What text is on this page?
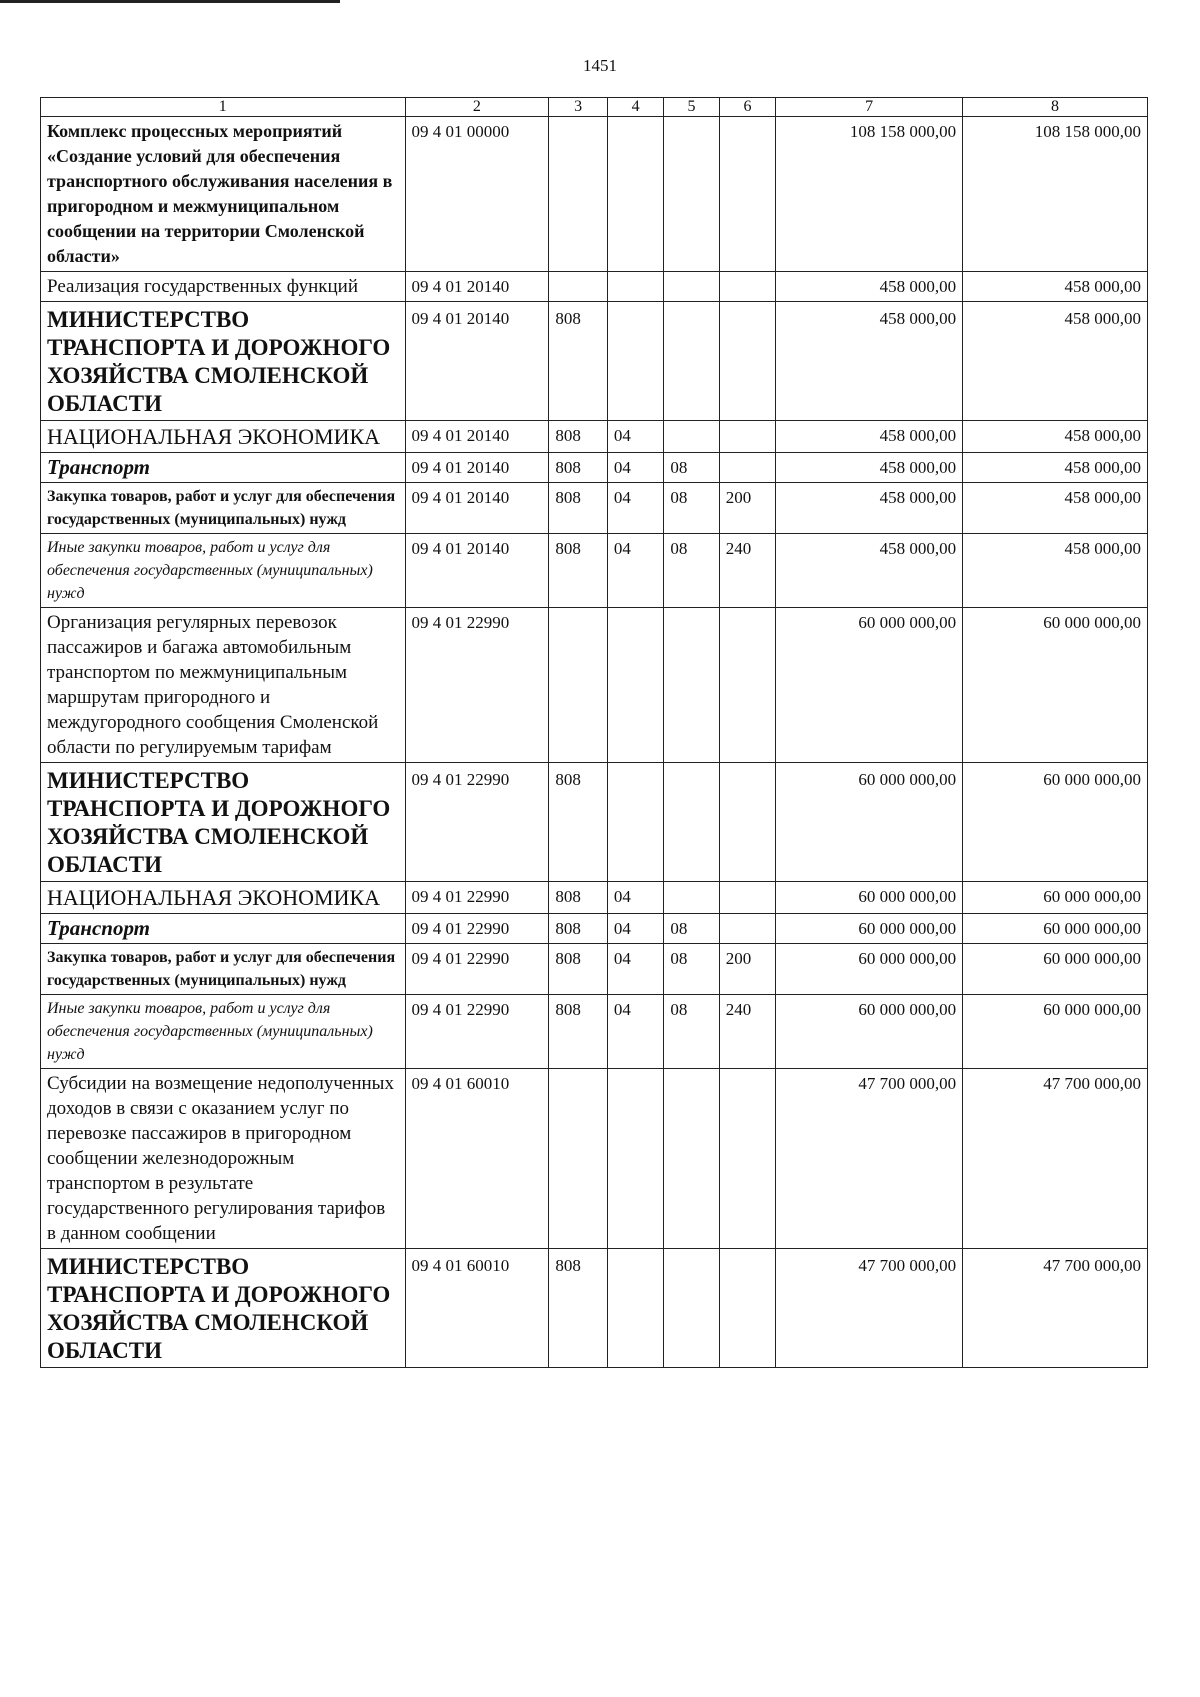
1451
1	2	3	4	5	6	7	8
Комплекс процессных мероприятий «Создание условий для обеспечения транспортного обслуживания населения в пригородном и межмуниципальном сообщении на территории Смоленской области»	09 4 01 00000					108 158 000,00	108 158 000,00
Реализация государственных функций	09 4 01 20140					458 000,00	458 000,00
МИНИСТЕРСТВО ТРАНСПОРТА И ДОРОЖНОГО ХОЗЯЙСТВА СМОЛЕНСКОЙ ОБЛАСТИ	09 4 01 20140	808				458 000,00	458 000,00
НАЦИОНАЛЬНАЯ ЭКОНОМИКА	09 4 01 20140	808	04			458 000,00	458 000,00
Транспорт	09 4 01 20140	808	04	08		458 000,00	458 000,00
Закупка товаров, работ и услуг для обеспечения государственных (муниципальных) нужд	09 4 01 20140	808	04	08	200	458 000,00	458 000,00
Иные закупки товаров, работ и услуг для обеспечения государственных (муниципальных) нужд	09 4 01 20140	808	04	08	240	458 000,00	458 000,00
Организация регулярных перевозок пассажиров и багажа автомобильным транспортом по межмуниципальным маршрутам пригородного и междугородного сообщения Смоленской области по регулируемым тарифам	09 4 01 22990					60 000 000,00	60 000 000,00
МИНИСТЕРСТВО ТРАНСПОРТА И ДОРОЖНОГО ХОЗЯЙСТВА СМОЛЕНСКОЙ ОБЛАСТИ	09 4 01 22990	808				60 000 000,00	60 000 000,00
НАЦИОНАЛЬНАЯ ЭКОНОМИКА	09 4 01 22990	808	04			60 000 000,00	60 000 000,00
Транспорт	09 4 01 22990	808	04	08		60 000 000,00	60 000 000,00
Закупка товаров, работ и услуг для обеспечения государственных (муниципальных) нужд	09 4 01 22990	808	04	08	200	60 000 000,00	60 000 000,00
Иные закупки товаров, работ и услуг для обеспечения государственных (муниципальных) нужд	09 4 01 22990	808	04	08	240	60 000 000,00	60 000 000,00
Субсидии на возмещение недополученных доходов в связи с оказанием услуг по перевозке пассажиров в пригородном сообщении железнодорожным транспортом в результате государственного регулирования тарифов в данном сообщении	09 4 01 60010					47 700 000,00	47 700 000,00
МИНИСТЕРСТВО ТРАНСПОРТА И ДОРОЖНОГО ХОЗЯЙСТВА СМОЛЕНСКОЙ ОБЛАСТИ	09 4 01 60010	808				47 700 000,00	47 700 000,00
